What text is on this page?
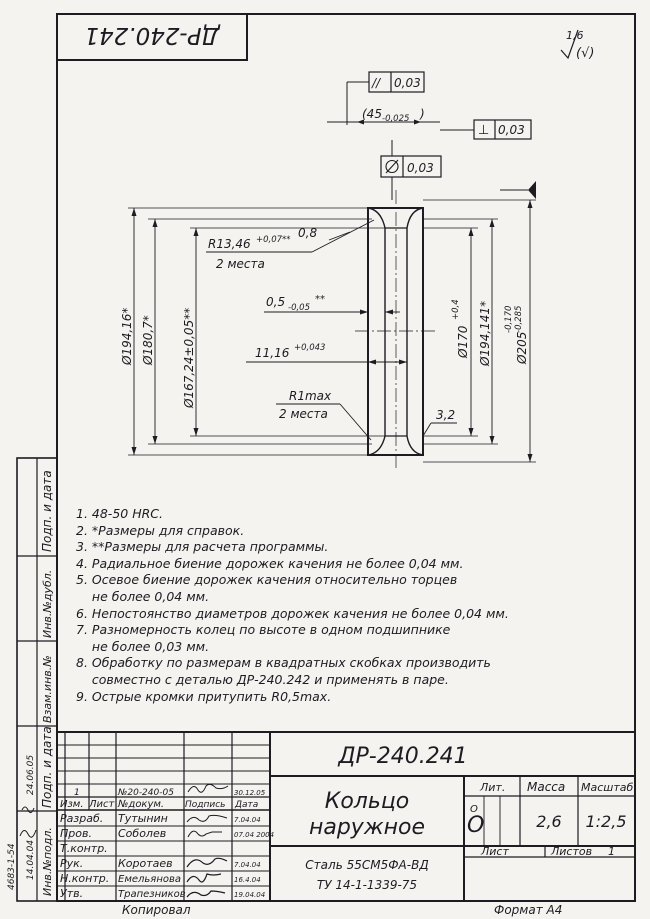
ДР-240.241	1,6
(√)
// 0,03
(45 -0,025 )
⊥ 0,03
0,03
Ø194,16* Ø180,7* Ø167,24±0,05**	Ø170
+0,4 Ø194,141* Ø205
-0,170 -0,285
R13,46 +0,07** 0,8
2 места
0,5 -0,05
**
11,16 +0,043
R1max
2 места	3,2
Подп. и дата
Инв.№дубл.
Взам.инв.№
Подп. и дата
Инв.№подл.
24.06.05
4683-1-54 14.04.04
ДР-240.241
Кольцо
наружное
Сталь 55СМ5ФА-ВД
ТУ 14-1-1339-75
Лит. Масса Масштаб
О
О
2,6 1:2,5
Лист	Листов 1
1	№20-240-05	30.12.05
Изм. Лист №докум. Подпись Дата
Разраб. Тутынин	7.04.04
Пров. Соболев	07.04 2004
Т.контр.
Рук.	Коротаев	7.04.04
Н.контр. Емельянова	16.4.04
Утв.	Трапезников	19.04.04
Копировал	Формат А4
1. 48-50 HRC.
2. *Размеры для справок.
3. **Размеры для расчета программы.
4. Радиальное биение дорожек качения не более 0,04 мм.
5. Осевое биение дорожек качения относительно торцев
не более 0,04 мм.
6. Непостоянство диаметров дорожек качения не более 0,04 мм.
7. Разномерность колец по высоте в одном подшипнике
не более 0,03 мм.
8. Обработку по размерам в квадратных скобках производить
совместно с деталью ДР-240.242 и применять в паре.
9. Острые кромки притупить R0,5max.
